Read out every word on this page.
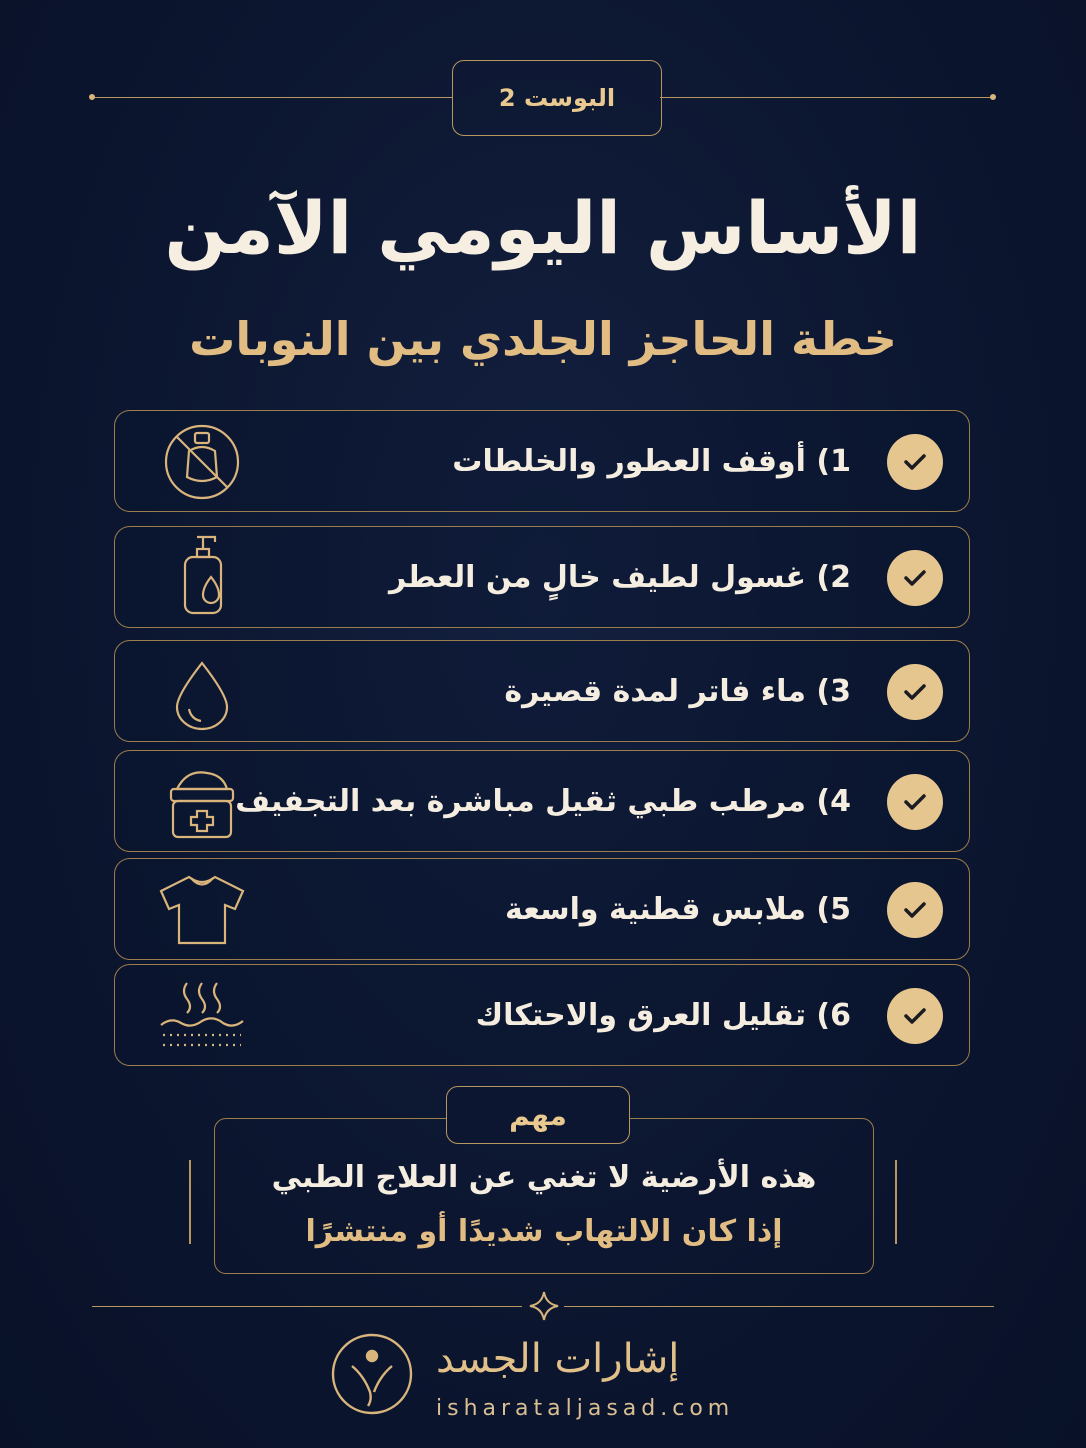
البوست 2
الأساس اليومي الآمن
خطة الحاجز الجلدي بين النوبات
1) أوقف العطور والخلطات
2) غسول لطيف خالٍ من العطر
3) ماء فاتر لمدة قصيرة
4) مرطب طبي ثقيل مباشرة بعد التجفيف
5) ملابس قطنية واسعة
6) تقليل العرق والاحتكاك
مهم
هذه الأرضية لا تغني عن العلاج الطبي
إذا كان الالتهاب شديدًا أو منتشرًا
إشارات الجسد
isharataljasad.com
